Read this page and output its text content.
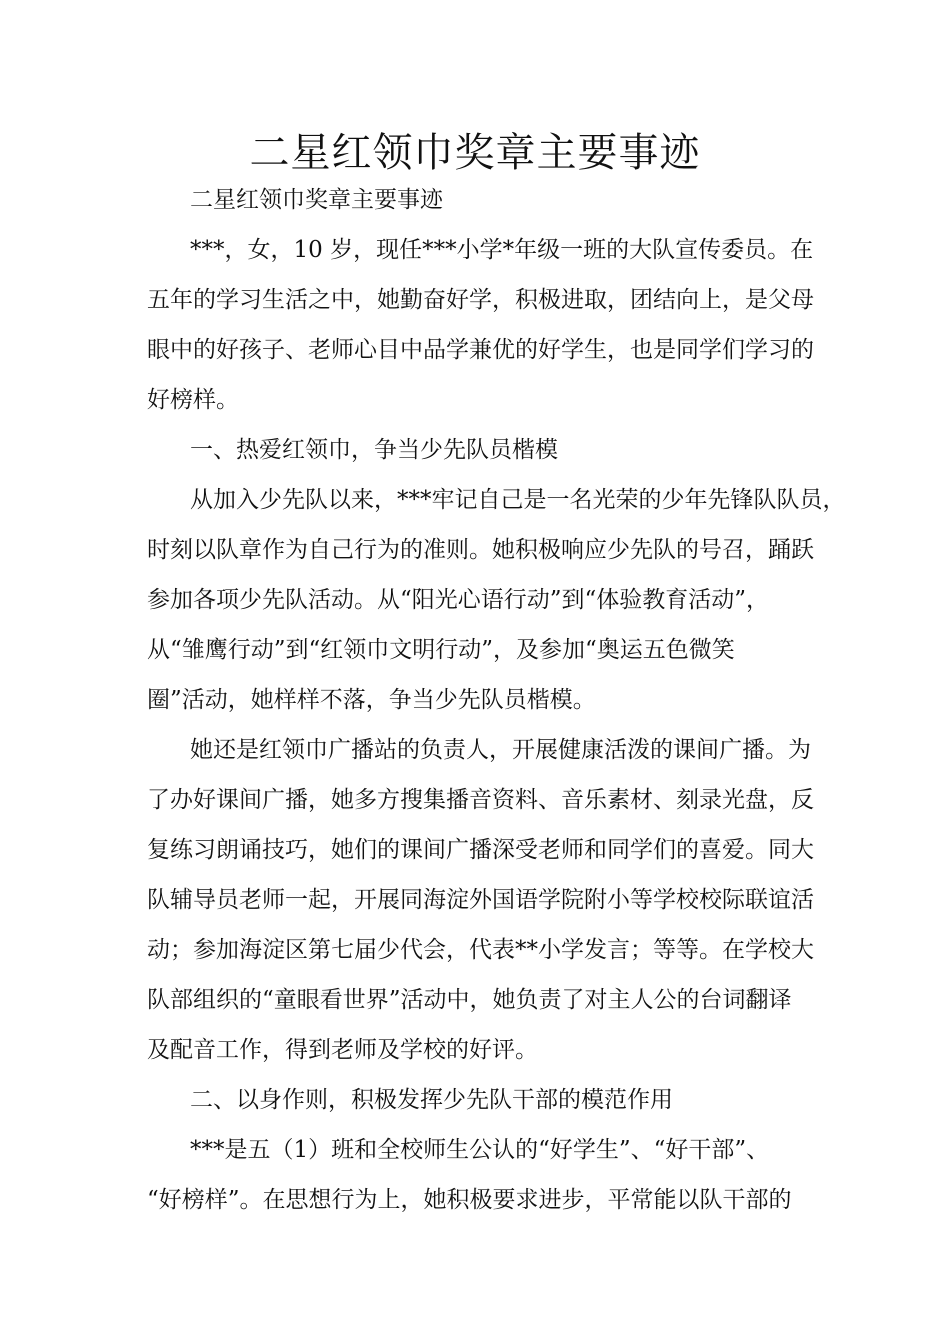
二星红领巾奖章主要事迹

二星红领巾奖章主要事迹

***，女，10 岁，现任***小学*年级一班的大队宣传委员。在

五年的学习生活之中，她勤奋好学，积极进取，团结向上，是父母

眼中的好孩子、老师心目中品学兼优的好学生，也是同学们学习的

好榜样。

一、热爱红领巾，争当少先队员楷模

从加入少先队以来，***牢记自己是一名光荣的少年先锋队队员，

时刻以队章作为自己行为的准则。她积极响应少先队的号召，踊跃

参加各项少先队活动。从“阳光心语行动”到“体验教育活动”，

从“雏鹰行动”到“红领巾文明行动”，及参加“奥运五色微笑

圈”活动，她样样不落，争当少先队员楷模。

她还是红领巾广播站的负责人，开展健康活泼的课间广播。为

了办好课间广播，她多方搜集播音资料、音乐素材、刻录光盘，反

复练习朗诵技巧，她们的课间广播深受老师和同学们的喜爱。同大

队辅导员老师一起，开展同海淀外国语学院附小等学校校际联谊活

动；参加海淀区第七届少代会，代表**小学发言；等等。在学校大

队部组织的“童眼看世界”活动中，她负责了对主人公的台词翻译

及配音工作，得到老师及学校的好评。

二、以身作则，积极发挥少先队干部的模范作用

***是五（1）班和全校师生公认的“好学生”、“好干部”、

“好榜样”。在思想行为上，她积极要求进步，平常能以队干部的
